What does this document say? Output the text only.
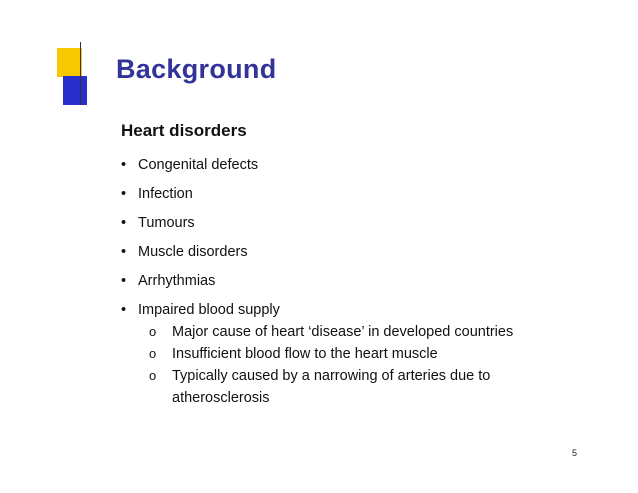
Background
Heart disorders
• Congenital defects
• Infection
• Tumours
• Muscle disorders
• Arrhythmias
• Impaired blood supply
o Major cause of heart ‘disease’ in developed countries
o Insufficient blood flow to the heart muscle
o Typically caused by a narrowing of arteries due to atherosclerosis
5
